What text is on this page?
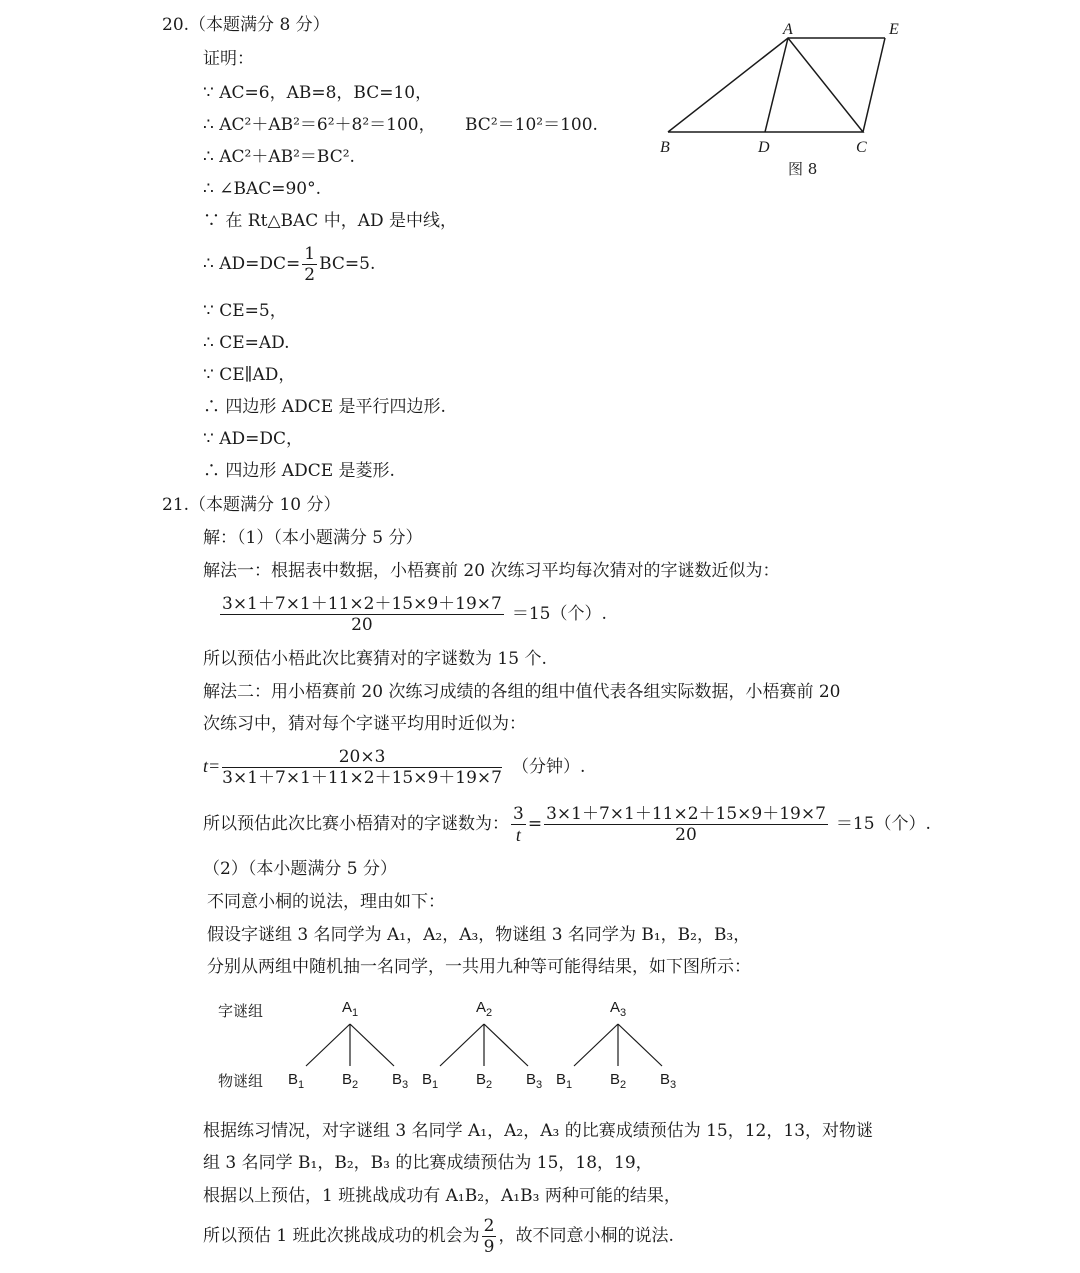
20.（本题满分 8 分）
证明：
∵ AC=6，AB=8，BC=10，
∴ AC²＋AB²＝6²＋8²＝100， BC²＝10²＝100.
∴ AC²＋AB²＝BC².
∴ ∠BAC=90°.
∵ 在 Rt△BAC 中，AD 是中线，
∴ $AD=DC= \frac{1}{2} BC=5$.
∵ CE=5，
∴ CE=AD.
∵ CE∥AD，
∴ 四边形 ADCE 是平行四边形.
∵ AD=DC，
∴ 四边形 ADCE 是菱形.
A	E
B	D	C
图 8
21.（本题满分 10 分）
解：（1）（本小题满分 5 分）
解法一：根据表中数据，小梧赛前 20 次练习平均每次猜对的字谜数近似为：
$\frac{3\times 1+7\times 1+11\times 2+15\times 9+19\times 7}{20} =15$（个）.
所以预估小梧此次比赛猜对的字谜数为 15 个.
解法二：用小梧赛前 20 次练习成绩的各组的组中值代表各组实际数据，小梧赛前 20
次练习中，猜对每个字谜平均用时近似为：
$t= \frac{20\times 3}{3\times 1+7\times 1+11\times 2+15\times 9+19\times 7}$ （分钟）.
所以预估此次比赛小梧猜对的字谜数为： $\frac{3}{t} = \frac{3\times 1+7\times 1+11\times 2+15\times 9+19\times 7}{20} =15$（个）.
（2）（本小题满分 5 分）
不同意小桐的说法，理由如下：
假设字谜组 3 名同学为 A₁，A₂，A₃，物谜组 3 名同学为 B₁，B₂，B₃，
分别从两组中随机抽一名同学，一共用九种等可能得结果，如下图所示：
字谜组
物谜组
$A_1$
$B_1$	$B_2$ $B_3$
$A_2$
$B_1$	$B_2$ $B_3$
$A_3$
$B_1$	$B_2$ $B_3$
根据练习情况，对字谜组 3 名同学 A₁，A₂，A₃ 的比赛成绩预估为 15，12，13，对物谜
组 3 名同学 B₁，B₂，B₃ 的比赛成绩预估为 15，18，19，
根据以上预估，1 班挑战成功有 A₁B₂，A₁B₃ 两种可能的结果，
所以预估 1 班此次挑战成功的机会为 $\frac{2}{9}$ ，故不同意小桐的说法.
